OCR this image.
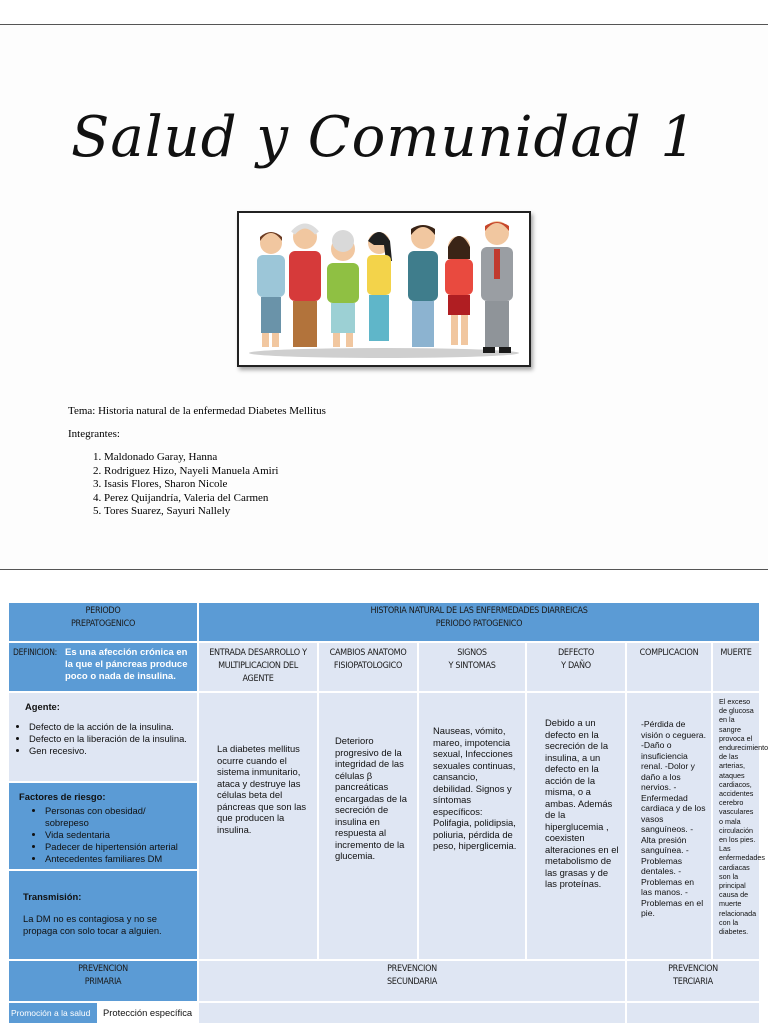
Salud y Comunidad 1

Tema: Historia natural de la enfermedad Diabetes Mellitus

Integrantes:

1. Maldonado Garay, Hanna
2. Rodriguez Hizo, Nayeli Manuela Amiri
3. Isasis Flores, Sharon Nicole
4. Perez Quijandría, Valeria del Carmen
5. Tores Suarez, Sayuri Nallely
PERIODO
PREPATOGENICO
HISTORIA NATURAL DE LAS ENFERMEDADES DIARREICAS
PERIODO PATOGENICO
DEFINICION: Es una afección crónica en la que el páncreas produce poco o nada de insulina.
ENTRADA DESARROLLO Y
MULTIPLICACION DEL
AGENTE
CAMBIOS ANATOMO
FISIOPATOLOGICO
SIGNOS
Y SINTOMAS
DEFECTO
Y DAÑO
COMPLICACION	MUERTE
Agente:
• Defecto de la acción de la insulina.
• Defecto en la liberación de la insulina.
• Gen recesivo.
Factores de riesgo:
• Personas con obesidad/ sobrepeso
• Vida sedentaria
• Padecer de hipertensión arterial
• Antecedentes familiares DM
Transmisión:
La DM no es contagiosa y no se propaga con solo tocar a alguien.
La diabetes mellitus ocurre cuando el sistema inmunitario, ataca y destruye las células beta del páncreas que son las que producen la insulina.
Deterioro progresivo de la integridad de las células β pancreáticas encargadas de la secreción de insulina en respuesta al incremento de la glucemia.
Nauseas, vómito, mareo, impotencia sexual, Infecciones sexuales continuas, cansancio, debilidad. Signos y síntomas específicos: Polifagia, polidipsia, poliuria, pérdida de peso, hiperglicemia.
Debido a un defecto en la secreción de la insulina, a un defecto en la acción de la misma, o a ambas. Además de la hiperglucemia , coexisten alteraciones en el metabolismo de las grasas y de las proteínas.
-Pérdida de visión o ceguera. -Daño o insuficiencia renal. -Dolor y daño a los nervios. -Enfermedad cardiaca y de los vasos sanguíneos. -Alta presión sanguínea. -Problemas dentales. -Problemas en las manos. -Problemas en el pie.
El exceso de glucosa en la sangre provoca el endurecimiento de las arterias, ataques cardiacos, accidentes cerebro vasculares o mala circulación en los pies. Las enfermedades cardiacas son la principal causa de muerte relacionada con la diabetes.
PREVENCION
PRIMARIA
PREVENCION
SECUNDARIA
PREVENCION
TERCIARIA
Promoción a la salud	Protección específica
